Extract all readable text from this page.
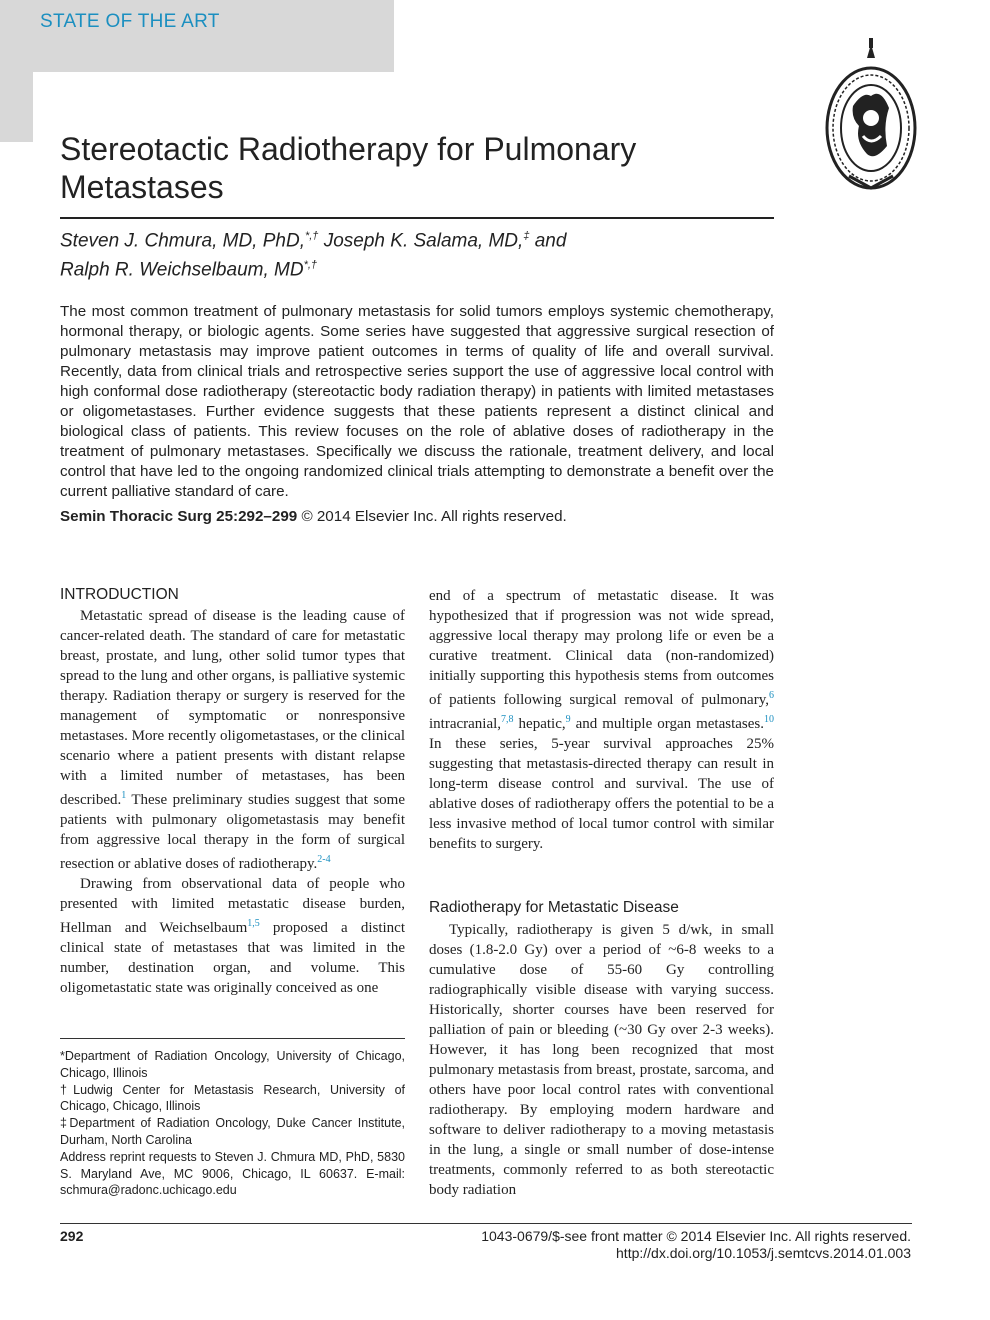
STATE OF THE ART
Stereotactic Radiotherapy for Pulmonary Metastases
Steven J. Chmura, MD, PhD,*,† Joseph K. Salama, MD,‡ and
Ralph R. Weichselbaum, MD*,†

The most common treatment of pulmonary metastasis for solid tumors employs systemic chemotherapy, hormonal therapy, or biologic agents. Some series have suggested that aggressive surgical resection of pulmonary metastasis may improve patient outcomes in terms of quality of life and overall survival. Recently, data from clinical trials and retrospective series support the use of aggressive local control with high conformal dose radiotherapy (stereotactic body radiation therapy) in patients with limited metastases or oligometastases. Further evidence suggests that these patients represent a distinct clinical and biological class of patients. This review focuses on the role of ablative doses of radiotherapy in the treatment of pulmonary metastases. Specifically we discuss the rationale, treatment delivery, and local control that have led to the ongoing randomized clinical trials attempting to demonstrate a benefit over the current palliative standard of care.

Semin Thoracic Surg 25:292–299 © 2014 Elsevier Inc. All rights reserved.
INTRODUCTION

Metastatic spread of disease is the leading cause of cancer-related death. The standard of care for metastatic breast, prostate, and lung, other solid tumor types that spread to the lung and other organs, is palliative systemic therapy. Radiation therapy or surgery is reserved for the management of symptomatic or nonresponsive metastases. More recently oligometastases, or the clinical scenario where a patient presents with distant relapse with a limited number of metastases, has been described.$^1$ These preliminary studies suggest that some patients with pulmonary oligometastasis may benefit from aggressive local therapy in the form of surgical resection or ablative doses of radiotherapy.$^{2-4}$

Drawing from observational data of people who presented with limited metastatic disease burden, Hellman and Weichselbaum$^{1,5}$ proposed a distinct clinical state of metastases that was limited in the number, destination organ, and volume. This oligometastatic state was originally conceived as one

end of a spectrum of metastatic disease. It was hypothesized that if progression was not wide spread, aggressive local therapy may prolong life or even be a curative treatment. Clinical data (non-randomized) initially supporting this hypothesis stems from outcomes of patients following surgical removal of pulmonary,$^6$ intracranial,$^{7,8}$ hepatic,$^9$ and multiple organ metastases.$^{10}$ In these series, 5-year survival approaches 25% suggesting that metastasis-directed therapy can result in long-term disease control and survival. The use of ablative doses of radiotherapy offers the potential to be a less invasive method of local tumor control with similar benefits to surgery.

Radiotherapy for Metastatic Disease

Typically, radiotherapy is given 5 d/wk, in small doses (1.8-2.0 Gy) over a period of ~6-8 weeks to a cumulative dose of 55-60 Gy controlling radiographically visible disease with varying success. Historically, shorter courses have been reserved for palliation of pain or bleeding (~30 Gy over 2-3 weeks). However, it has long been recognized that most pulmonary metastasis from breast, prostate, sarcoma, and others have poor local control rates with conventional radiotherapy. By employing modern hardware and software to deliver radiotherapy to a moving metastasis in the lung, a single or small number of dose-intense treatments, commonly referred to as both stereotactic body radiation

*Department of Radiation Oncology, University of Chicago, Chicago, Illinois
†Ludwig Center for Metastasis Research, University of Chicago, Chicago, Illinois
‡Department of Radiation Oncology, Duke Cancer Institute, Durham, North Carolina
Address reprint requests to Steven J. Chmura MD, PhD, 5830 S. Maryland Ave, MC 9006, Chicago, IL 60637. E-mail: schmura@radonc.uchicago.edu
292	1043-0679/$-see front matter © 2014 Elsevier Inc. All rights reserved.
http://dx.doi.org/10.1053/j.semtcvs.2014.01.003
